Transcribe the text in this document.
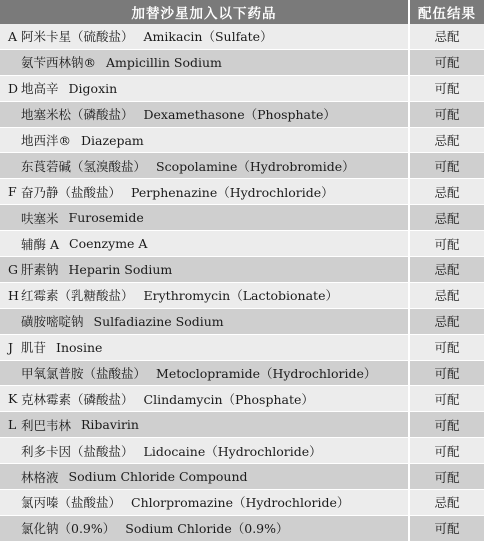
加替沙星加入以下药品	配伍结果

A 阿米卡星（硫酸盐） Amikacin（Sulfate）	忌配

氨苄西林钠® Ampicillin Sodium	可配

D 地高辛 Digoxin	可配

地塞米松（磷酸盐） Dexamethasone（Phosphate）	可配

地西泮® Diazepam	忌配

东莨菪碱（氢溴酸盐） Scopolamine（Hydrobromide）	可配

F 奋乃静（盐酸盐） Perphenazine（Hydrochloride）	忌配

呋塞米 Furosemide	忌配

辅酶 A Coenzyme A	可配

G 肝素钠 Heparin Sodium	忌配

H 红霉素（乳糖酸盐） Erythromycin（Lactobionate）	忌配

磺胺嘧啶钠 Sulfadiazine Sodium	忌配

J 肌苷 Inosine	可配

甲氧氯普胺（盐酸盐） Metoclopramide（Hydrochloride）	可配

K 克林霉素（磷酸盐） Clindamycin（Phosphate）	可配

L 利巴韦林 Ribavirin	可配

利多卡因（盐酸盐） Lidocaine（Hydrochloride）	可配

林格液 Sodium Chloride Compound	可配

氯丙嗪（盐酸盐） Chlorpromazine（Hydrochloride）	忌配

氯化钠（0.9%） Sodium Chloride（0.9%）	可配
